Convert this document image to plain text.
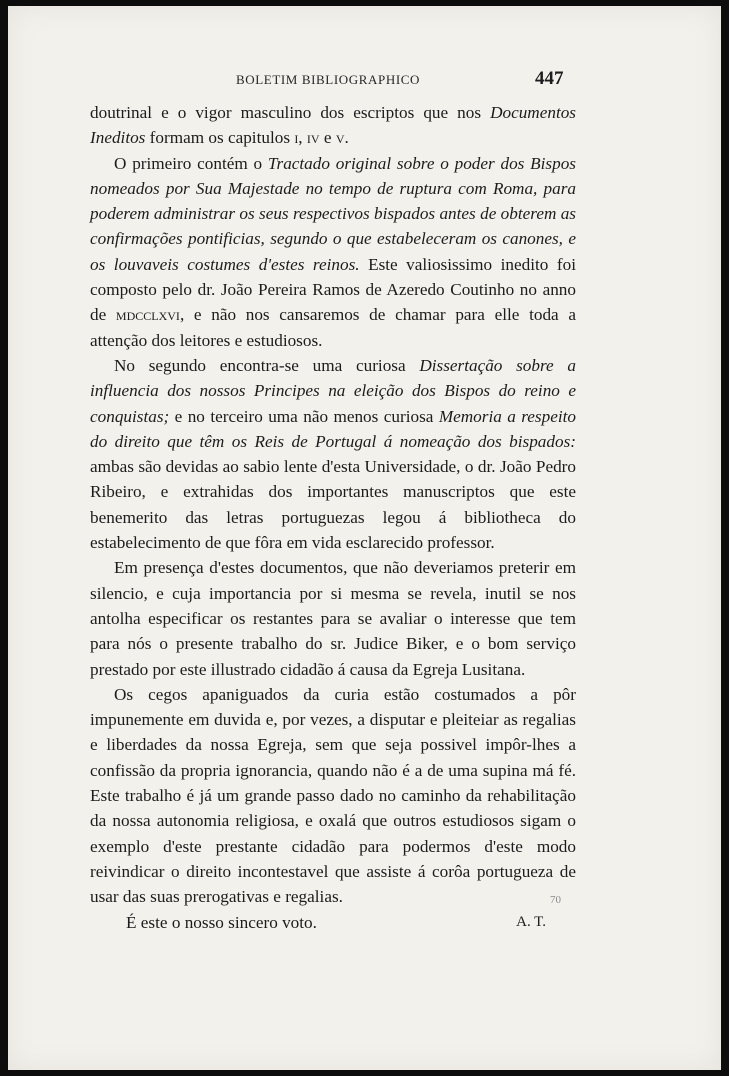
BOLETIM BIBLIOGRAPHICO	447

doutrinal e o vigor masculino dos escriptos que nos Documentos Ineditos formam os capitulos i, iv e v.

O primeiro contém o Tractado original sobre o poder dos Bispos nomeados por Sua Majestade no tempo de ruptura com Roma, para poderem administrar os seus respectivos bispados antes de obterem as confirmações pontificias, segundo o que estabeleceram os canones, e os louvaveis costumes d'estes reinos. Este valiosissimo inedito foi composto pelo dr. João Pereira Ramos de Azeredo Coutinho no anno de mdcclxvi, e não nos cansaremos de chamar para elle toda a attenção dos leitores e estudiosos.

No segundo encontra-se uma curiosa Dissertação sobre a influencia dos nossos Principes na eleição dos Bispos do reino e conquistas; e no terceiro uma não menos curiosa Memoria a respeito do direito que têm os Reis de Portugal á nomeação dos bispados: ambas são devidas ao sabio lente d'esta Universidade, o dr. João Pedro Ribeiro, e extrahidas dos importantes manuscriptos que este benemerito das letras portuguezas legou á bibliotheca do estabelecimento de que fôra em vida esclarecido professor.

Em presença d'estes documentos, que não deveriamos preterir em silencio, e cuja importancia por si mesma se revela, inutil se nos antolha especificar os restantes para se avaliar o interesse que tem para nós o presente trabalho do sr. Judice Biker, e o bom serviço prestado por este illustrado cidadão á causa da Egreja Lusitana.

Os cegos apaniguados da curia estão costumados a pôr impunemente em duvida e, por vezes, a disputar e pleiteiar as regalias e liberdades da nossa Egreja, sem que seja possivel impôr-lhes a confissão da propria ignorancia, quando não é a de uma supina má fé. Este trabalho é já um grande passo dado no caminho da rehabilitação da nossa autonomia religiosa, e oxalá que outros estudiosos sigam o exemplo d'este prestante cidadão para podermos d'este modo reivindicar o direito incontestavel que assiste á corôa portugueza de usar das suas prerogativas e regalias.

É este o nosso sincero voto.	A. T.

70
